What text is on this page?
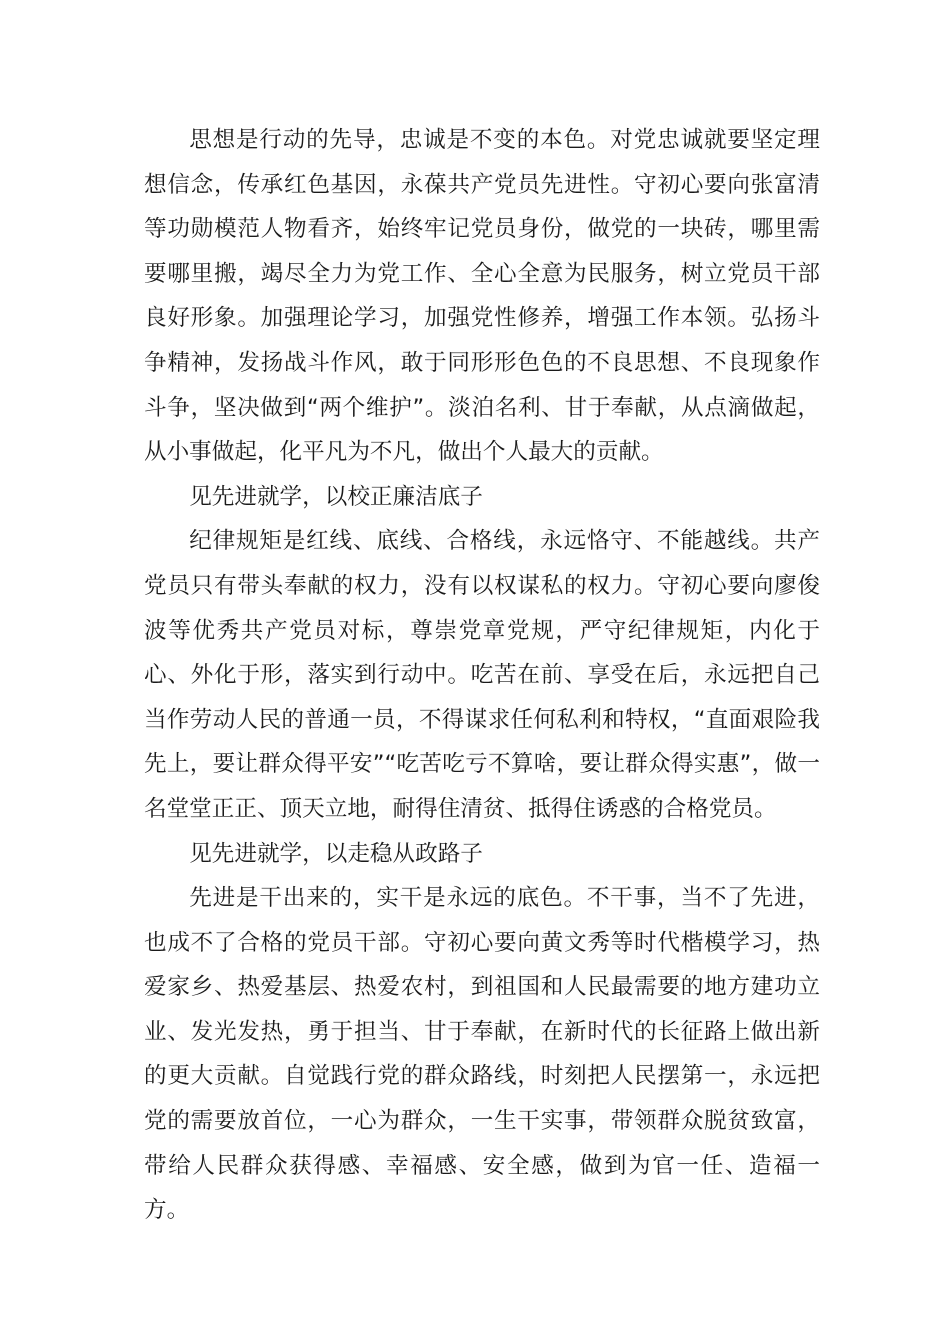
思想是行动的先导，忠诚是不变的本色。对党忠诚就要坚定理想信念，传承红色基因，永葆共产党员先进性。守初心要向张富清等功勋模范人物看齐，始终牢记党员身份，做党的一块砖，哪里需要哪里搬，竭尽全力为党工作、全心全意为民服务，树立党员干部良好形象。加强理论学习，加强党性修养，增强工作本领。弘扬斗争精神，发扬战斗作风，敢于同形形色色的不良思想、不良现象作斗争，坚决做到“两个维护”。淡泊名利、甘于奉献，从点滴做起，从小事做起，化平凡为不凡，做出个人最大的贡献。

见先进就学，以校正廉洁底子

纪律规矩是红线、底线、合格线，永远恪守、不能越线。共产党员只有带头奉献的权力，没有以权谋私的权力。守初心要向廖俊波等优秀共产党员对标，尊崇党章党规，严守纪律规矩，内化于心、外化于形，落实到行动中。吃苦在前、享受在后，永远把自己当作劳动人民的普通一员，不得谋求任何私利和特权，“直面艰险我先上，要让群众得平安”“吃苦吃亏不算啥，要让群众得实惠”，做一名堂堂正正、顶天立地，耐得住清贫、抵得住诱惑的合格党员。

见先进就学，以走稳从政路子

先进是干出来的，实干是永远的底色。不干事，当不了先进，也成不了合格的党员干部。守初心要向黄文秀等时代楷模学习，热爱家乡、热爱基层、热爱农村，到祖国和人民最需要的地方建功立业、发光发热，勇于担当、甘于奉献，在新时代的长征路上做出新的更大贡献。自觉践行党的群众路线，时刻把人民摆第一，永远把党的需要放首位，一心为群众，一生干实事，带领群众脱贫致富，带给人民群众获得感、幸福感、安全感，做到为官一任、造福一方。
